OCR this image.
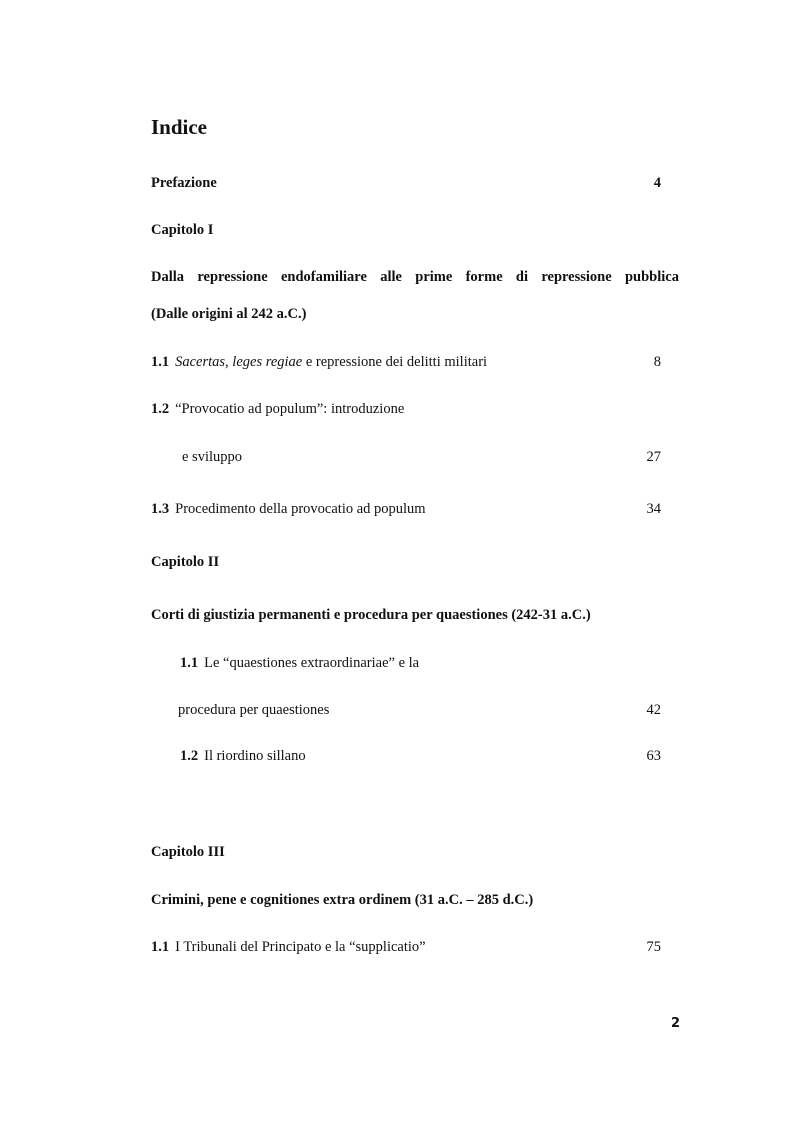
Indice
Prefazione	4
Capitolo I
Dalla repressione endofamiliare alle prime forme di repressione pubblica
(Dalle origini al 242 a.C.)
1.1 Sacertas, leges regiae e repressione dei delitti militari	8
1.2 “Provocatio ad populum”: introduzione
e sviluppo	27
1.3 Procedimento della provocatio ad populum	34
Capitolo II
Corti di giustizia permanenti e procedura per quaestiones (242-31 a.C.)
1.1 Le “quaestiones extraordinariae” e la
procedura per quaestiones	42
1.2 Il riordino sillano	63
Capitolo III
Crimini, pene e cognitiones extra ordinem (31 a.C. – 285 d.C.)
1.1 I Tribunali del Principato e la “supplicatio”	75
2
